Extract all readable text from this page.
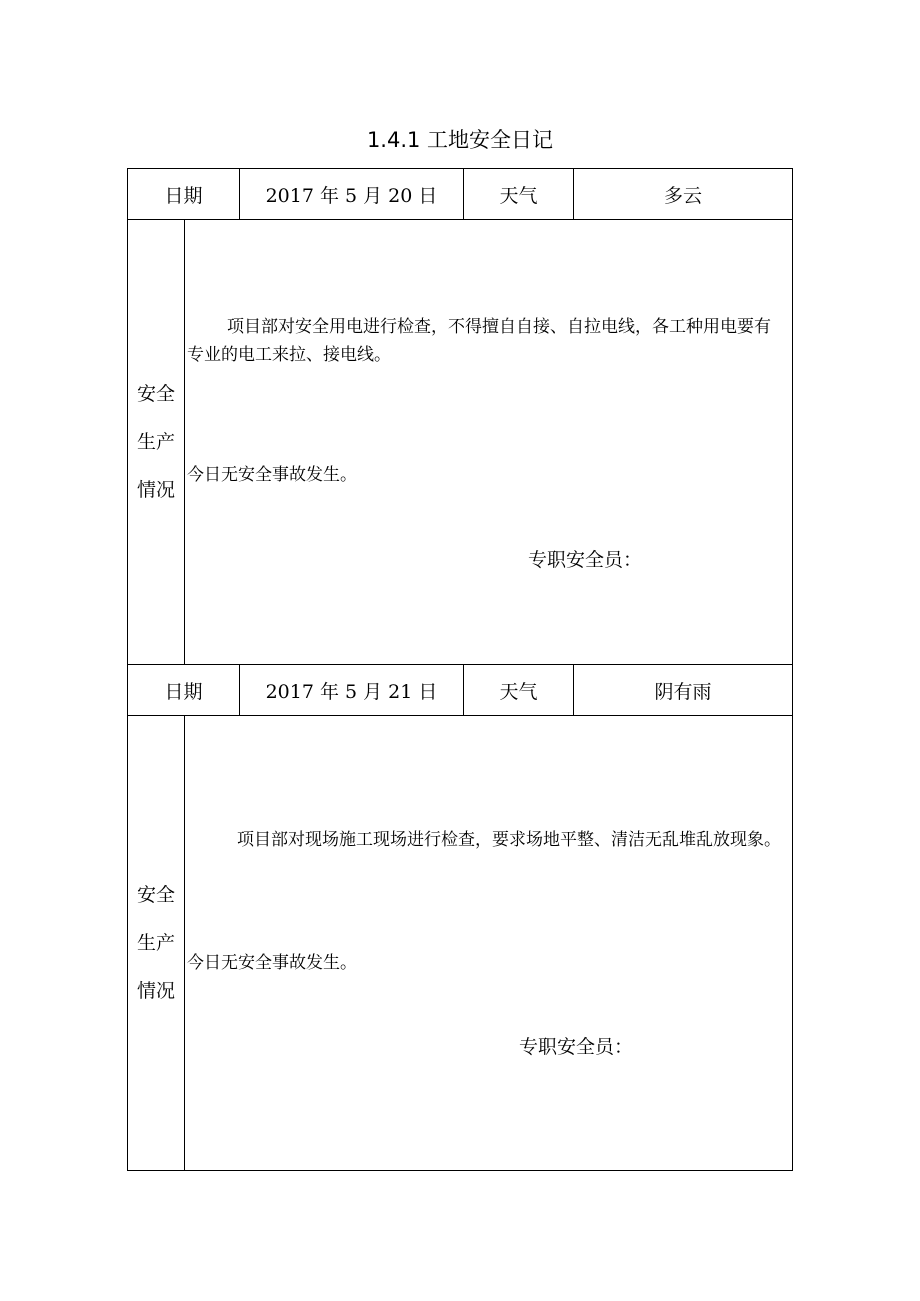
1.4.1 工地安全日记
日期	2017 年 5 月 20 日	天气	多云
安全
生产
情况

项目部对安全用电进行检查，不得擅自自接、自拉电线，各工种用电要有专业的电工来拉、接电线。

今日无安全事故发生。

专职安全员：

日期	2017 年 5 月 21 日	天气	阴有雨
安全
生产
情况

项目部对现场施工现场进行检查，要求场地平整、清洁无乱堆乱放现象。

今日无安全事故发生。

专职安全员：
